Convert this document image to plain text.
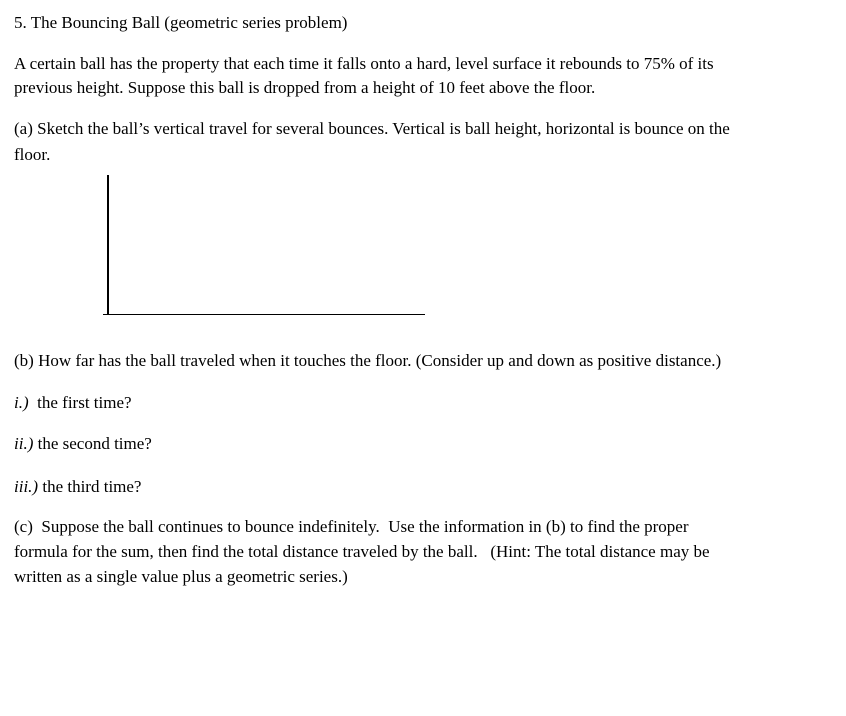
5. The Bouncing Ball (geometric series problem)
A certain ball has the property that each time it falls onto a hard, level surface it rebounds to 75% of its
previous height. Suppose this ball is dropped from a height of 10 feet above the floor.
(a) Sketch the ball’s vertical travel for several bounces. Vertical is ball height, horizontal is bounce on the
floor.
(b) How far has the ball traveled when it touches the floor. (Consider up and down as positive distance.)
i.)  the first time?
ii.) the second time?
iii.) the third time?
(c)  Suppose the ball continues to bounce indefinitely.  Use the information in (b) to find the proper
formula for the sum, then find the total distance traveled by the ball.   (Hint: The total distance may be
written as a single value plus a geometric series.)
